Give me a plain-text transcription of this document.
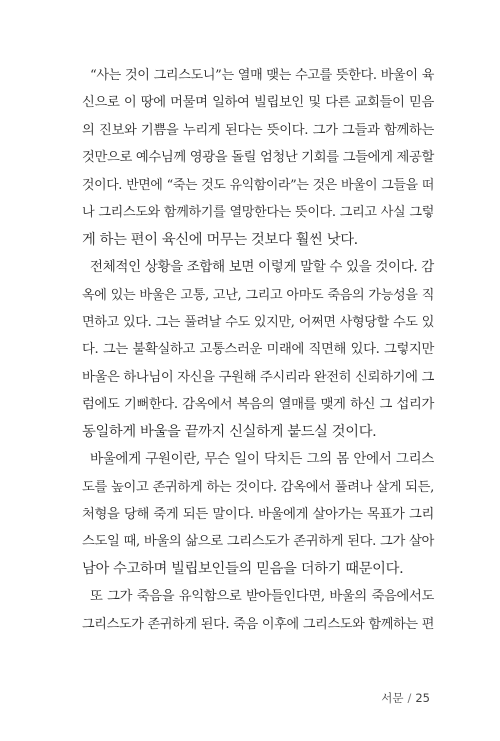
“사는 것이 그리스도니”는 열매 맺는 수고를 뜻한다. 바울이 육
신으로 이 땅에 머물며 일하여 빌립보인 및 다른 교회들이 믿음
의 진보와 기쁨을 누리게 된다는 뜻이다. 그가 그들과 함께하는
것만으로 예수님께 영광을 돌릴 엄청난 기회를 그들에게 제공할
것이다. 반면에 “죽는 것도 유익함이라”는 것은 바울이 그들을 떠
나 그리스도와 함께하기를 열망한다는 뜻이다. 그리고 사실 그렇
게 하는 편이 육신에 머무는 것보다 훨씬 낫다.
전체적인 상황을 조합해 보면 이렇게 말할 수 있을 것이다. 감
옥에 있는 바울은 고통, 고난, 그리고 아마도 죽음의 가능성을 직
면하고 있다. 그는 풀려날 수도 있지만, 어쩌면 사형당할 수도 있
다. 그는 불확실하고 고통스러운 미래에 직면해 있다. 그렇지만
바울은 하나님이 자신을 구원해 주시리라 완전히 신뢰하기에 그
럼에도 기뻐한다. 감옥에서 복음의 열매를 맺게 하신 그 섭리가
동일하게 바울을 끝까지 신실하게 붙드실 것이다.
바울에게 구원이란, 무슨 일이 닥치든 그의 몸 안에서 그리스
도를 높이고 존귀하게 하는 것이다. 감옥에서 풀려나 살게 되든,
처형을 당해 죽게 되든 말이다. 바울에게 살아가는 목표가 그리
스도일 때, 바울의 삶으로 그리스도가 존귀하게 된다. 그가 살아
남아 수고하며 빌립보인들의 믿음을 더하기 때문이다.
또 그가 죽음을 유익함으로 받아들인다면, 바울의 죽음에서도
그리스도가 존귀하게 된다. 죽음 이후에 그리스도와 함께하는 편
서문 / 25
